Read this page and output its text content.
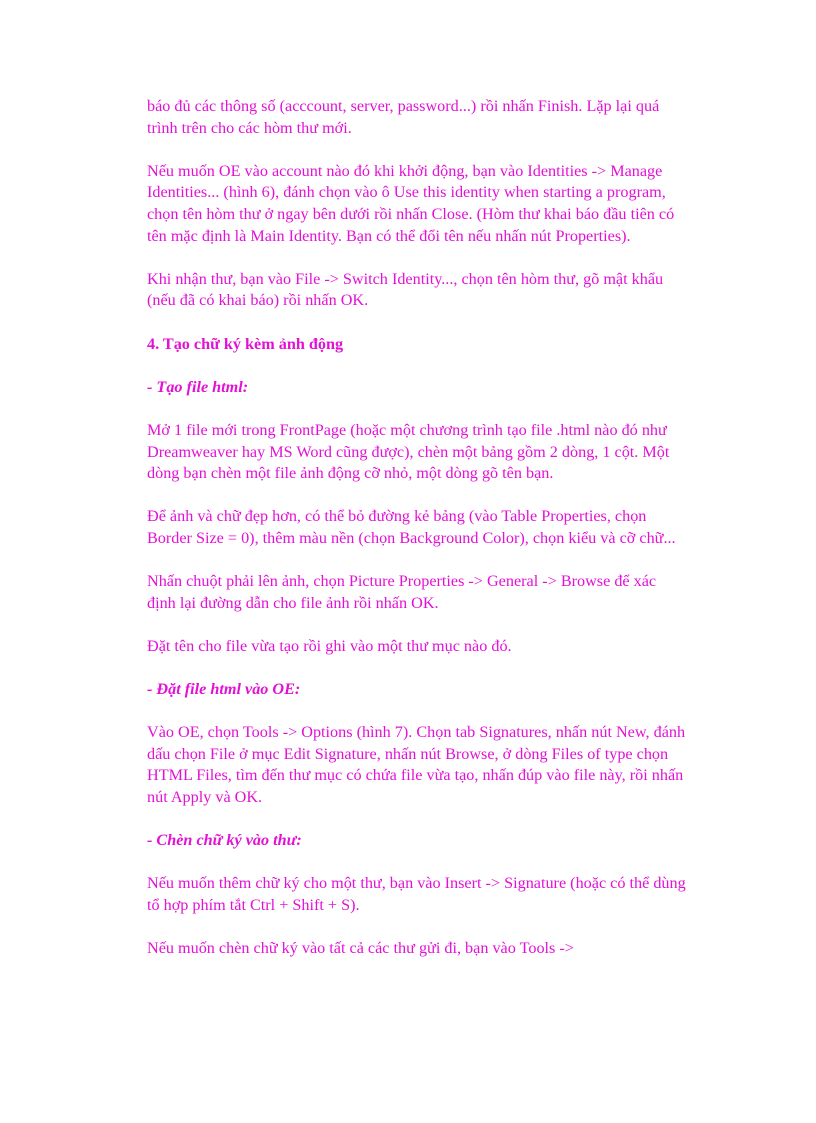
báo đủ các thông số (acccount, server, password...) rồi nhấn Finish. Lặp lại quá trình trên cho các hòm thư mới.

Nếu muốn OE vào account nào đó khi khởi động, bạn vào Identities -> Manage Identities... (hình 6), đánh chọn vào ô Use this identity when starting a program, chọn tên hòm thư ở ngay bên dưới rồi nhấn Close. (Hòm thư khai báo đầu tiên có tên mặc định là Main Identity. Bạn có thể đổi tên nếu nhấn nút Properties).

Khi nhận thư, bạn vào File -> Switch Identity..., chọn tên hòm thư, gõ mật khẩu (nếu đã có khai báo) rồi nhấn OK.

4. Tạo chữ ký kèm ảnh động

- Tạo file html:

Mở 1 file mới trong FrontPage (hoặc một chương trình tạo file .html nào đó như Dreamweaver hay MS Word cũng được), chèn một bảng gồm 2 dòng, 1 cột. Một dòng bạn chèn một file ảnh động cỡ nhỏ, một dòng gõ tên bạn.

Để ảnh và chữ đẹp hơn, có thể bỏ đường kẻ bảng (vào Table Properties, chọn Border Size = 0), thêm màu nền (chọn Background Color), chọn kiểu và cỡ chữ...

Nhấn chuột phải lên ảnh, chọn Picture Properties -> General -> Browse để xác định lại đường dẫn cho file ảnh rồi nhấn OK.

Đặt tên cho file vừa tạo rồi ghi vào một thư mục nào đó.

- Đặt file html vào OE:

Vào OE, chọn Tools -> Options (hình 7). Chọn tab Signatures, nhấn nút New, đánh dấu chọn File ở mục Edit Signature, nhấn nút Browse, ở dòng Files of type chọn HTML Files, tìm đến thư mục có chứa file vừa tạo, nhấn đúp vào file này, rồi nhấn nút Apply và OK.

- Chèn chữ ký vào thư:

Nếu muốn thêm chữ ký cho một thư, bạn vào Insert -> Signature (hoặc có thể dùng tổ hợp phím tắt Ctrl + Shift + S).

Nếu muốn chèn chữ ký vào tất cả các thư gửi đi, bạn vào Tools ->
